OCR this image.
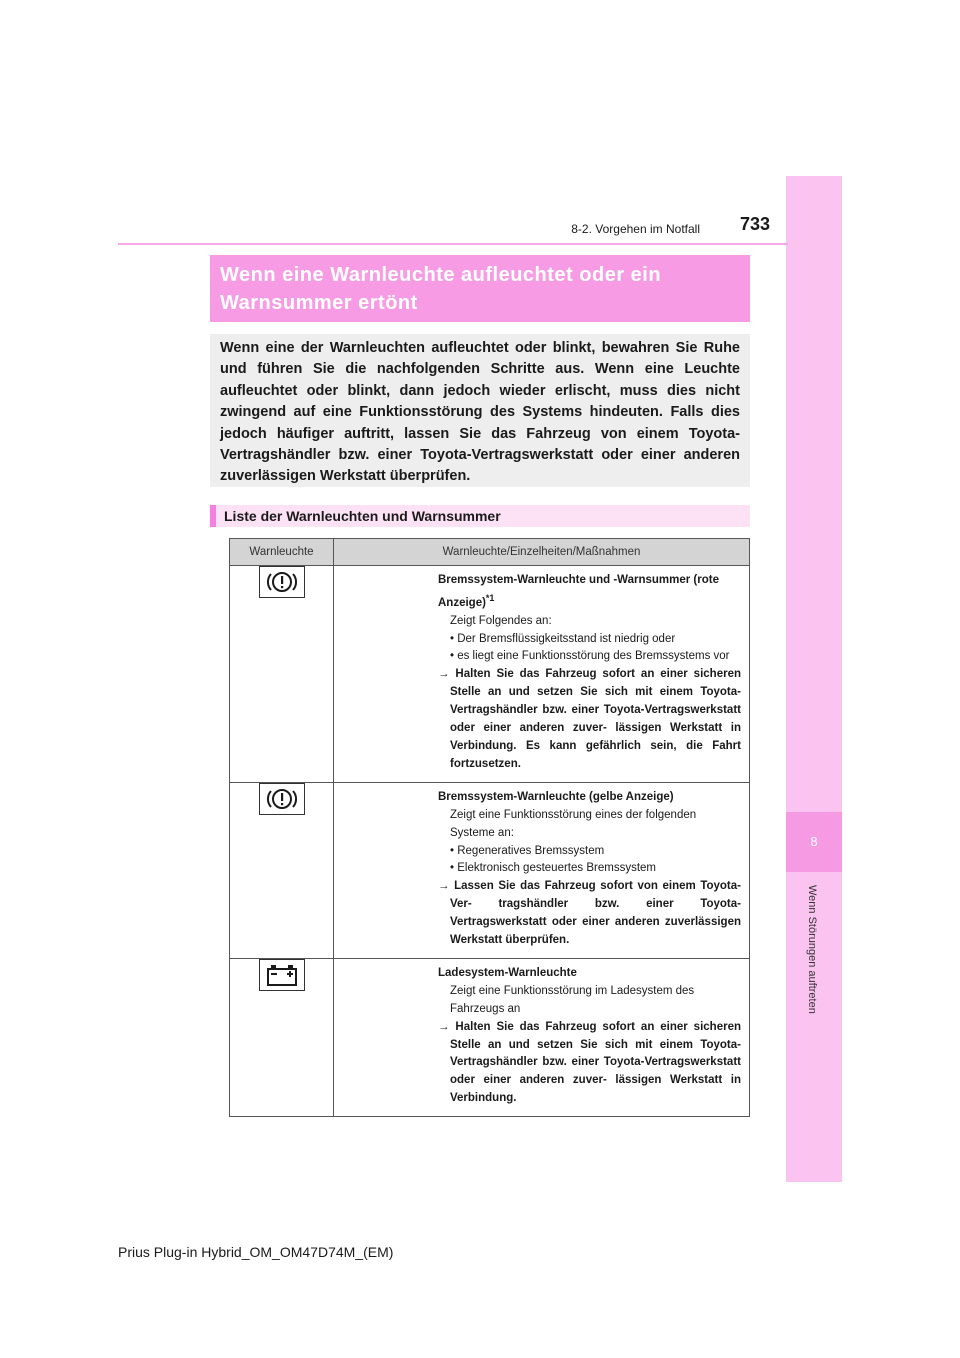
8
Wenn Störungen auftreten
8-2. Vorgehen im Notfall 733
Wenn eine Warnleuchte aufleuchtet oder ein
Warnsummer ertönt

Wenn eine der Warnleuchten aufleuchtet oder blinkt, bewahren Sie Ruhe und führen Sie die nachfolgenden Schritte aus. Wenn eine Leuchte aufleuchtet oder blinkt, dann jedoch wieder erlischt, muss dies nicht zwingend auf eine Funktionsstörung des Systems hindeuten. Falls dies jedoch häufiger auftritt, lassen Sie das Fahrzeug von einem Toyota-Vertragshändler bzw. einer Toyota-Vertragswerkstatt oder einer anderen zuverlässigen Werkstatt überprüfen.

Liste der Warnleuchten und Warnsummer
Warnleuchte	Warnleuchte/Einzelheiten/Maßnahmen

Bremssystem-Warnleuchte und -Warnsummer (rote Anzeige)$^{*1}$
Zeigt Folgendes an:
• Der Bremsflüssigkeitsstand ist niedrig oder
• es liegt eine Funktionsstörung des Bremssystems vor
→ Halten Sie das Fahrzeug sofort an einer sicheren Stelle an und setzen Sie sich mit einem Toyota-Vertragshändler bzw. einer Toyota-Vertragswerkstatt oder einer anderen zuver- lässigen Werkstatt in Verbindung. Es kann gefährlich sein, die Fahrt fortzusetzen.

Bremssystem-Warnleuchte (gelbe Anzeige)
Zeigt eine Funktionsstörung eines der folgenden Systeme an:
• Regeneratives Bremssystem
• Elektronisch gesteuertes Bremssystem
→ Lassen Sie das Fahrzeug sofort von einem Toyota-Ver- tragshändler bzw. einer Toyota-Vertragswerkstatt oder einer anderen zuverlässigen Werkstatt überprüfen.

Ladesystem-Warnleuchte
Zeigt eine Funktionsstörung im Ladesystem des Fahrzeugs an
→ Halten Sie das Fahrzeug sofort an einer sicheren Stelle an und setzen Sie sich mit einem Toyota-Vertragshändler bzw. einer Toyota-Vertragswerkstatt oder einer anderen zuver- lässigen Werkstatt in Verbindung.
Prius Plug-in Hybrid_OM_OM47D74M_(EM)
